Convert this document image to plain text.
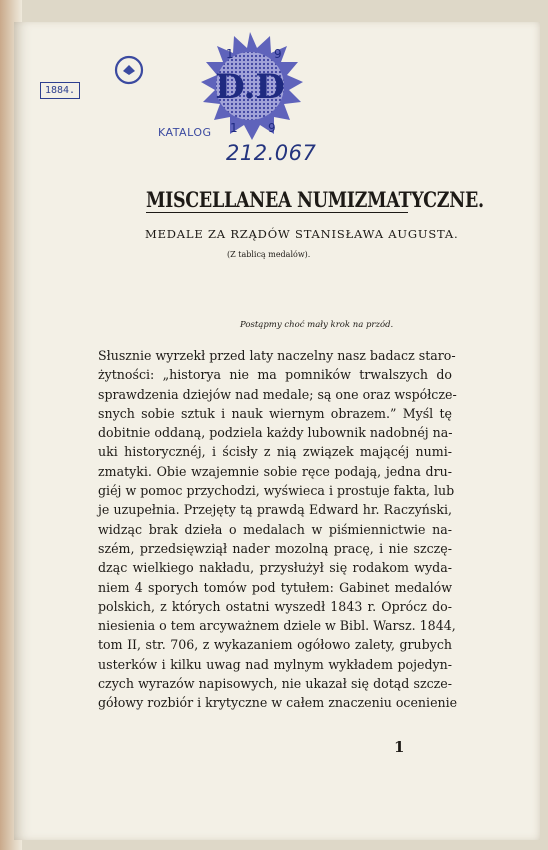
1884.	D.D
1	9
1	9
KATALOG
212.067
MISCELLANEA NUMIZMATYCZNE.
MEDALE ZA RZĄDÓW STANISŁAWA AUGUSTA.
(Z tablicą medalów).
Postąpmy choć mały krok na przód.

Słusznie wyrzekł przed laty naczelny nasz badacz staro-

żytności: „historya nie ma pomników trwalszych do

sprawdzenia dziejów nad medale; są one oraz współcze-

snych sobie sztuk i nauk wiernym obrazem.” Myśl tę

dobitnie oddaną, podziela każdy lubownik nadobnéj na-

uki historycznéj, i ścisły z nią związek mającéj numi-

zmatyki. Obie wzajemnie sobie ręce podają, jedna dru-

giéj w pomoc przychodzi, wyświeca i prostuje fakta, lub

je uzupełnia. Przejęty tą prawdą Edward hr. Raczyński,

widząc brak dzieła o medalach w piśmiennictwie na-

szém, przedsięwziął nader mozolną pracę, i nie szczę-

dząc wielkiego nakładu, przysłużył się rodakom wyda-

niem 4 sporych tomów pod tytułem: Gabinet medalów

polskich, z których ostatni wyszedł 1843 r. Oprócz do-

niesienia o tem arcyważnem dziele w Bibl. Warsz. 1844,

tom II, str. 706, z wykazaniem ogółowo zalety, grubych

usterków i kilku uwag nad mylnym wykładem pojedyn-

czych wyrazów napisowych, nie ukazał się dotąd szcze-

gółowy rozbiór i krytyczne w całem znaczeniu ocenienie

1
